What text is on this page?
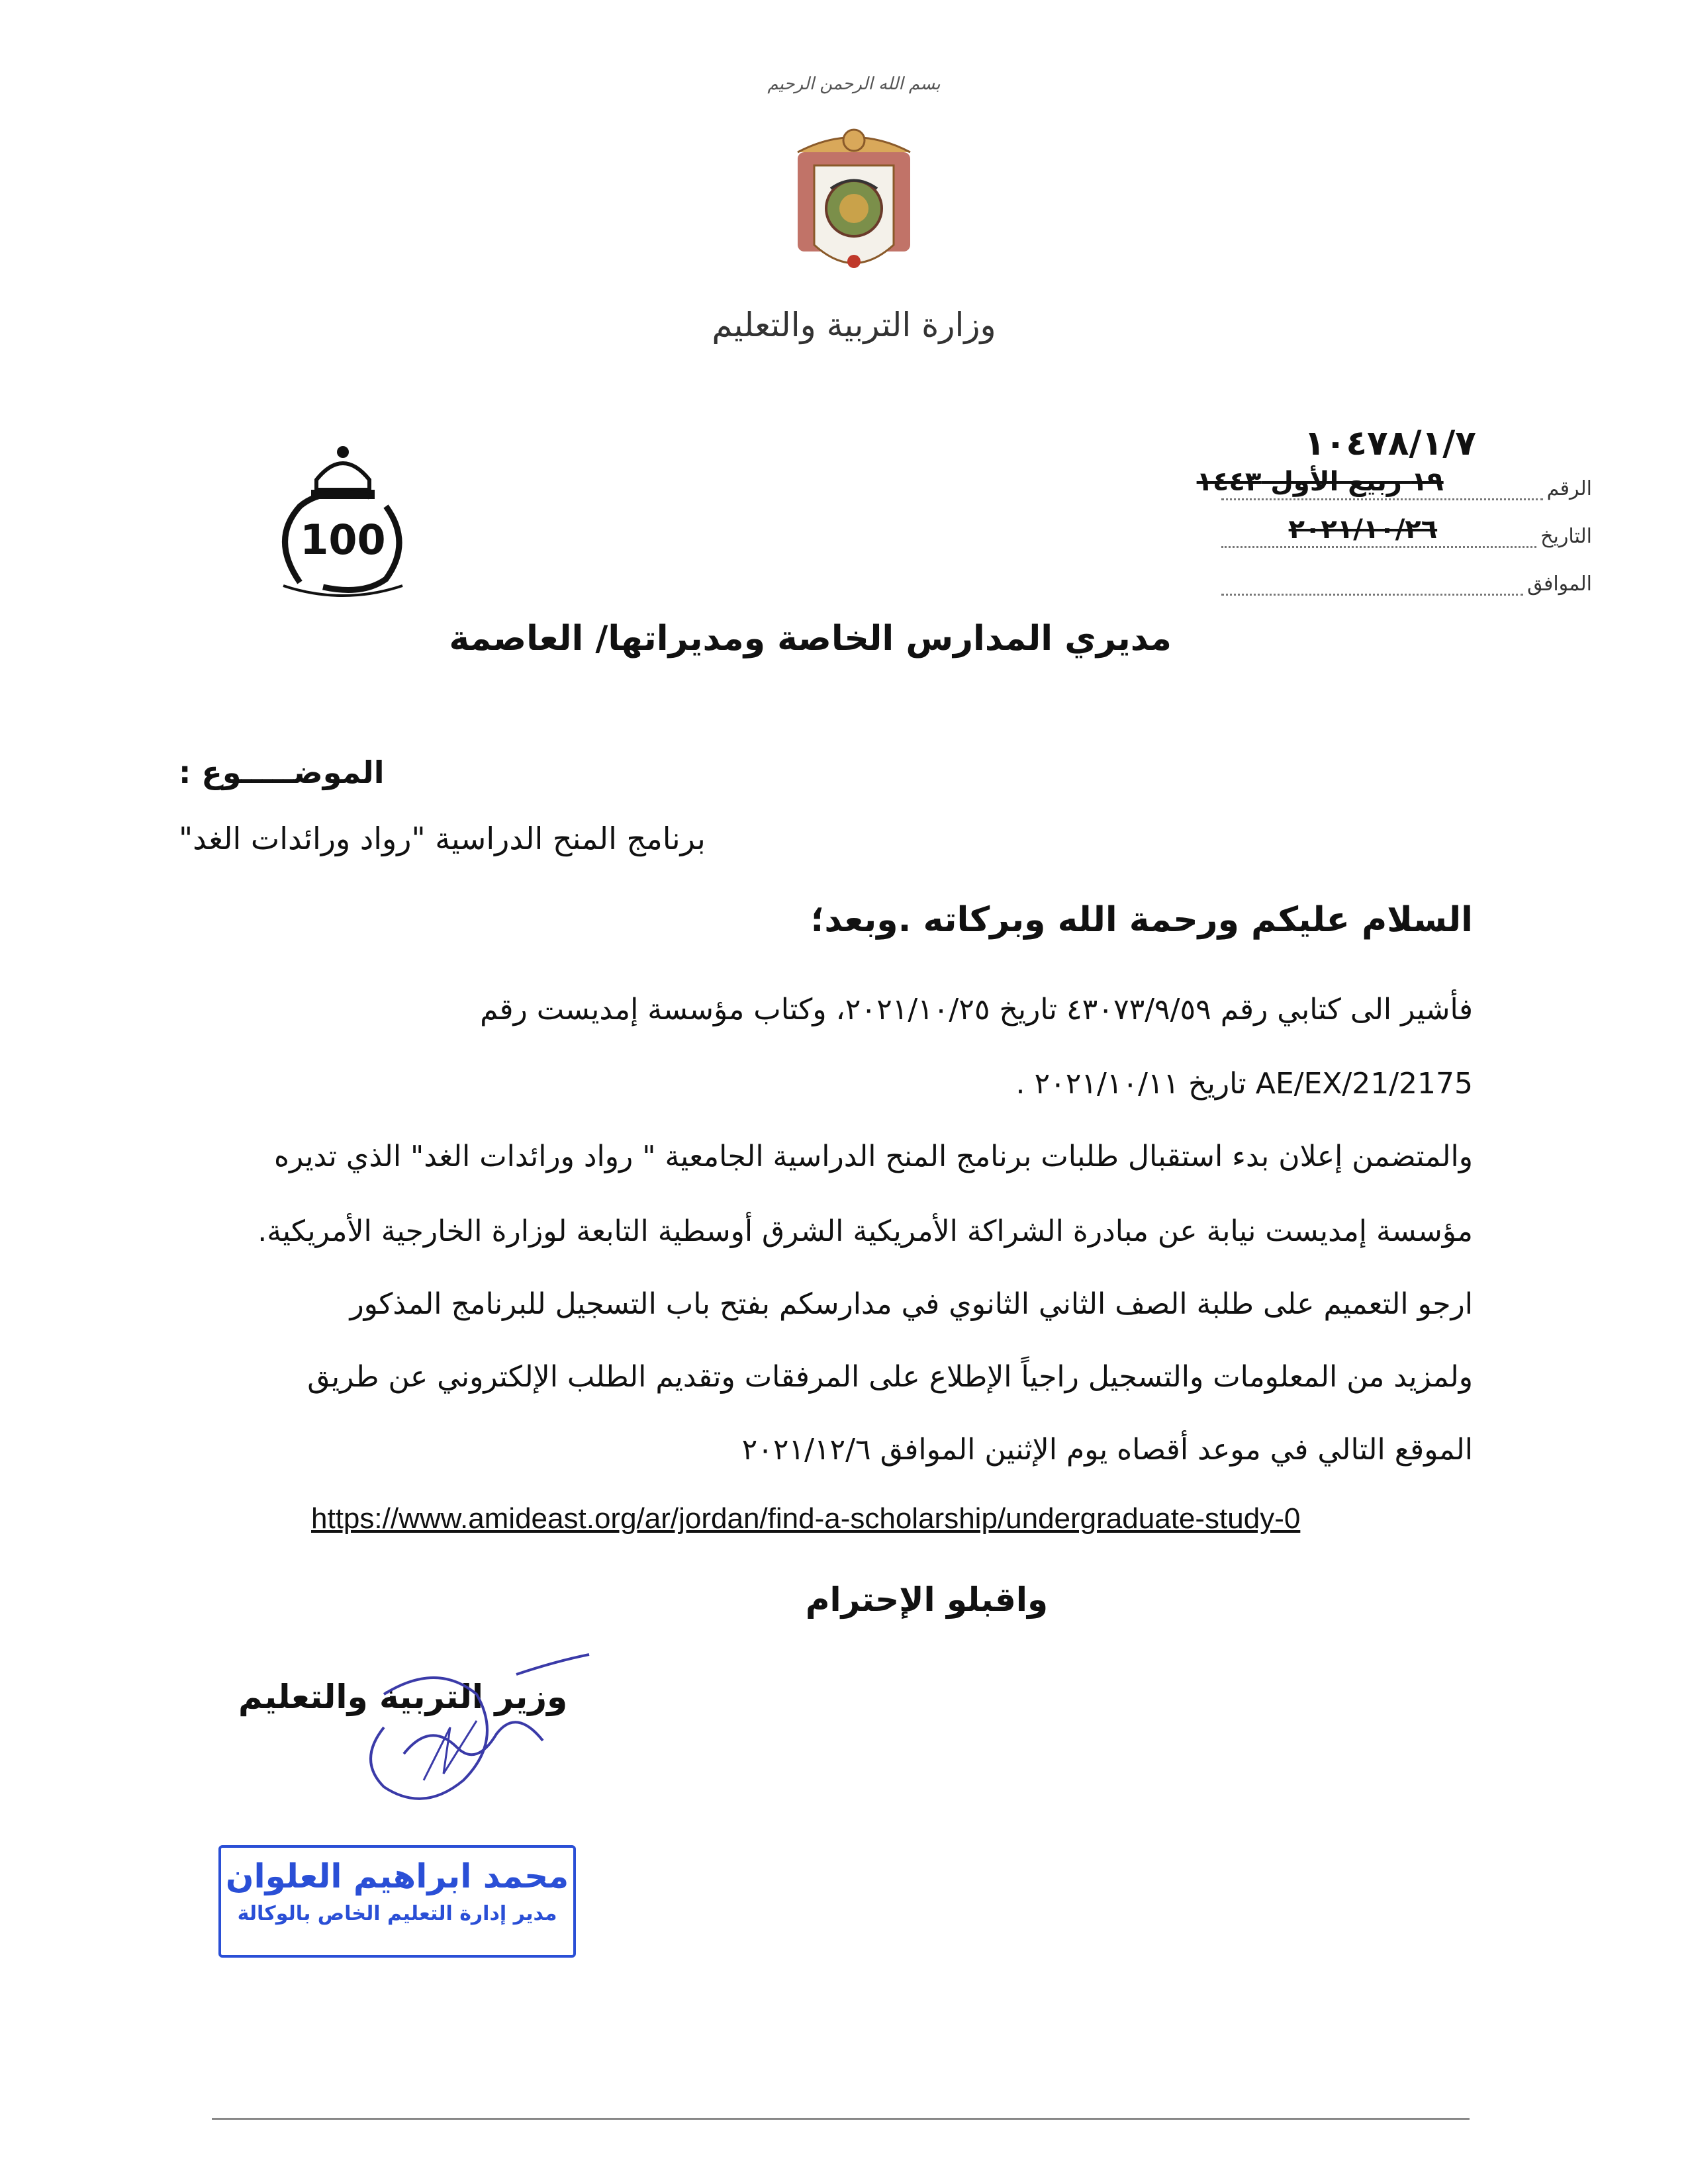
بسم الله الرحمن الرحيم
وزارة التربية والتعليم
100
١٠٤٧٨/١/٧
الرقم
١٩ ربيع الأول ١٤٤٣
التاريخ
٢٠٢١/١٠/٢٦
الموافق
مديري المدارس الخاصة ومديراتها/ العاصمة
الموضـــــوع :
برنامج المنح الدراسية "رواد ورائدات الغد"
السلام عليكم ورحمة الله وبركاته .وبعد؛
فأشير الى كتابي رقم ٤٣٠٧٣/٩/٥٩ تاريخ ٢٠٢١/١٠/٢٥، وكتاب مؤسسة إمديست رقم
AE/EX/21/2175 تاريخ ٢٠٢١/١٠/١١ .
والمتضمن إعلان بدء استقبال طلبات برنامج المنح الدراسية الجامعية " رواد ورائدات الغد" الذي تديره
مؤسسة إمديست نيابة عن مبادرة الشراكة الأمريكية الشرق أوسطية التابعة لوزارة الخارجية الأمريكية.
ارجو التعميم على طلبة الصف الثاني الثانوي في مدارسكم بفتح باب التسجيل للبرنامج المذكور
ولمزيد من المعلومات والتسجيل راجياً الإطلاع على المرفقات وتقديم الطلب الإلكتروني عن طريق
الموقع التالي في موعد أقصاه يوم الإثنين الموافق ٢٠٢١/١٢/٦
https://www.amideast.org/ar/jordan/find-a-scholarship/undergraduate-study-0
واقبلو الإحترام
وزير التربية والتعليم
محمد ابراهيم العلوان
مدير إدارة التعليم الخاص بالوكالة
